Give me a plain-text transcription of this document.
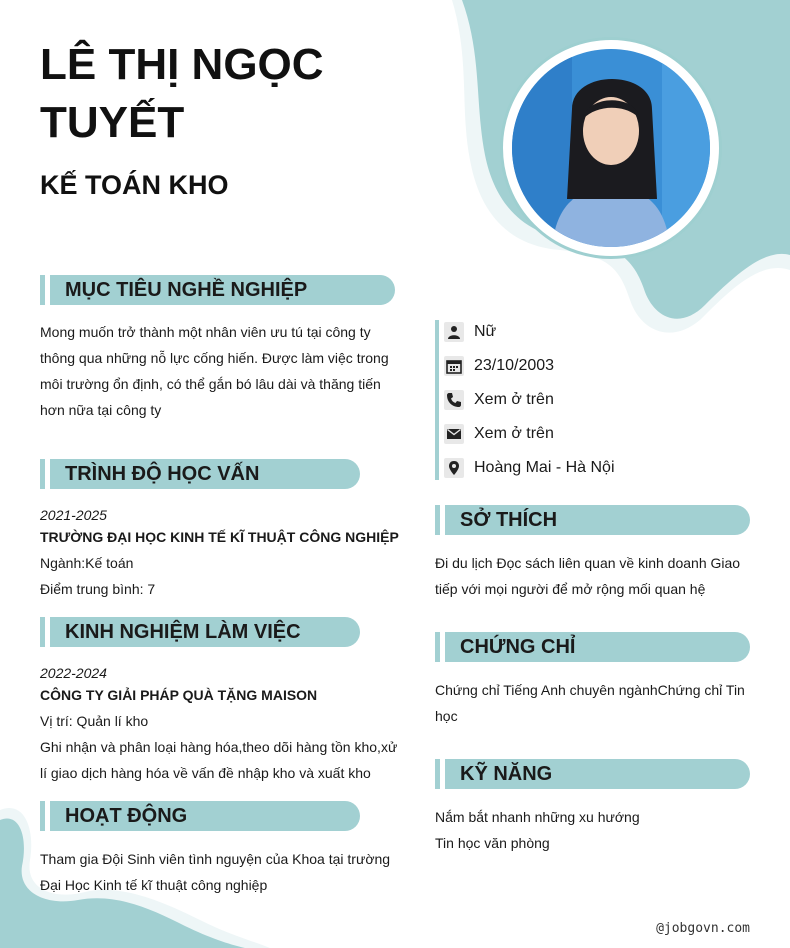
LÊ THỊ NGỌC TUYẾT
KẾ TOÁN KHO
MỤC TIÊU NGHỀ NGHIỆP

Mong muốn trở thành một nhân viên ưu tú tại công ty thông qua những nỗ lực cống hiến. Được làm việc trong môi trường ổn định, có thể gắn bó lâu dài và thăng tiến hơn nữa tại công ty

TRÌNH ĐỘ HỌC VẤN
2021-2025
TRƯỜNG ĐẠI HỌC KINH TẾ KĨ THUẬT CÔNG NGHIỆP
Ngành:Kế toán
Điểm trung bình: 7
KINH NGHIỆM LÀM VIỆC
2022-2024
CÔNG TY GIẢI PHÁP QUÀ TẶNG MAISON
Vị trí: Quản lí kho

Ghi nhận và phân loại hàng hóa,theo dõi hàng tồn kho,xử lí giao dịch hàng hóa về vấn đề nhập kho và xuất kho

HOẠT ĐỘNG

Tham gia Đội Sinh viên tình nguyện của Khoa tại trường Đại Học Kinh tế kĩ thuật công nghiệp

Nữ
23/10/2003
Xem ở trên
Xem ở trên
Hoàng Mai - Hà Nội
SỞ THÍCH

Đi du lịch Đọc sách liên quan về kinh doanh Giao tiếp với mọi người để mở rộng mối quan hệ

CHỨNG CHỈ

Chứng chỉ Tiếng Anh chuyên ngànhChứng chỉ Tin học

KỸ NĂNG
Nắm bắt nhanh những xu hướng
Tin học văn phòng
@jobgovn.com
